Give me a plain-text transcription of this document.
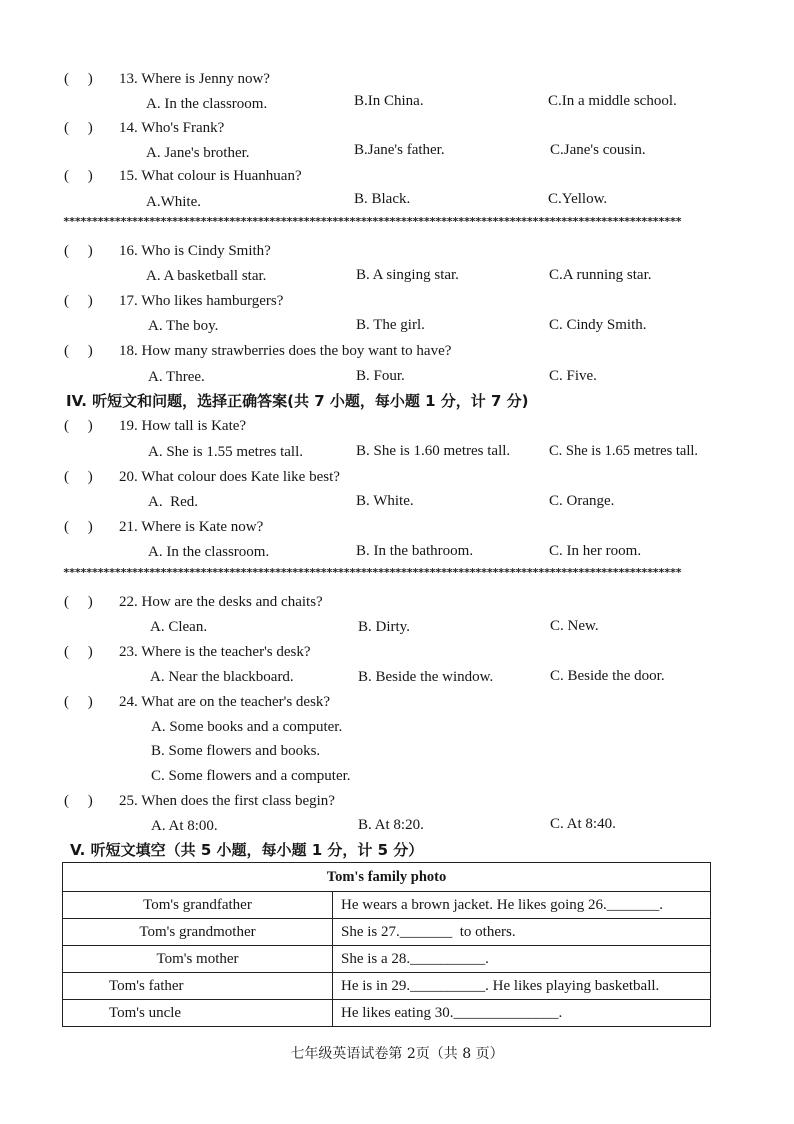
(     ) 13. Where is Jenny now?
A. In the classroom.	B.In China.	C.In a middle school.
(     ) 14. Who's Frank?
A. Jane's brother.	B.Jane's father.	C.Jane's cousin.
(     ) 15. What colour is Huanhuan?
A.White.	B. Black.	C.Yellow.
************************************************************************************************************
(     ) 16. Who is Cindy Smith?
A. A basketball star.	B. A singing star.	C.A running star.
(     ) 17. Who likes hamburgers?
A. The boy.	B. The girl.	C. Cindy Smith.
(     ) 18. How many strawberries does the boy want to have?
A. Three.	B. Four.	C. Five.
IV. 听短文和问题，选择正确答案(共 7 小题，每小题 1 分，计 7 分)
(     ) 19. How tall is Kate?
A. She is 1.55 metres tall.	B. She is 1.60 metres tall.	C. She is 1.65 metres tall.
(     ) 20. What colour does Kate like best?
A.  Red.	B. White.	C. Orange.
(     ) 21. Where is Kate now?
A. In the classroom.	B. In the bathroom.	C. In her room.
************************************************************************************************************
(     ) 22. How are the desks and chaits?
A. Clean.	B. Dirty.	C. New.
(     ) 23. Where is the teacher's desk?
A. Near the blackboard.	B. Beside the window.	C. Beside the door.
(     ) 24. What are on the teacher's desk?
A. Some books and a computer.
B. Some flowers and books.
C. Some flowers and a computer.
(     ) 25. When does the first class begin?
A. At 8:00.	B. At 8:20.	C. At 8:40.
V. 听短文填空（共 5 小题，每小题 1 分，计 5 分）
Tom's family photo	
Tom's grandfather	He wears a brown jacket. He likes going 26._______.
Tom's grandmother	She is 27._______  to others.
Tom's mother	She is a 28.__________.
Tom's father	He is in 29.__________. He likes playing basketball.
Tom's uncle	He likes eating 30.______________.
七年级英语试卷第 2页（共 8 页）
